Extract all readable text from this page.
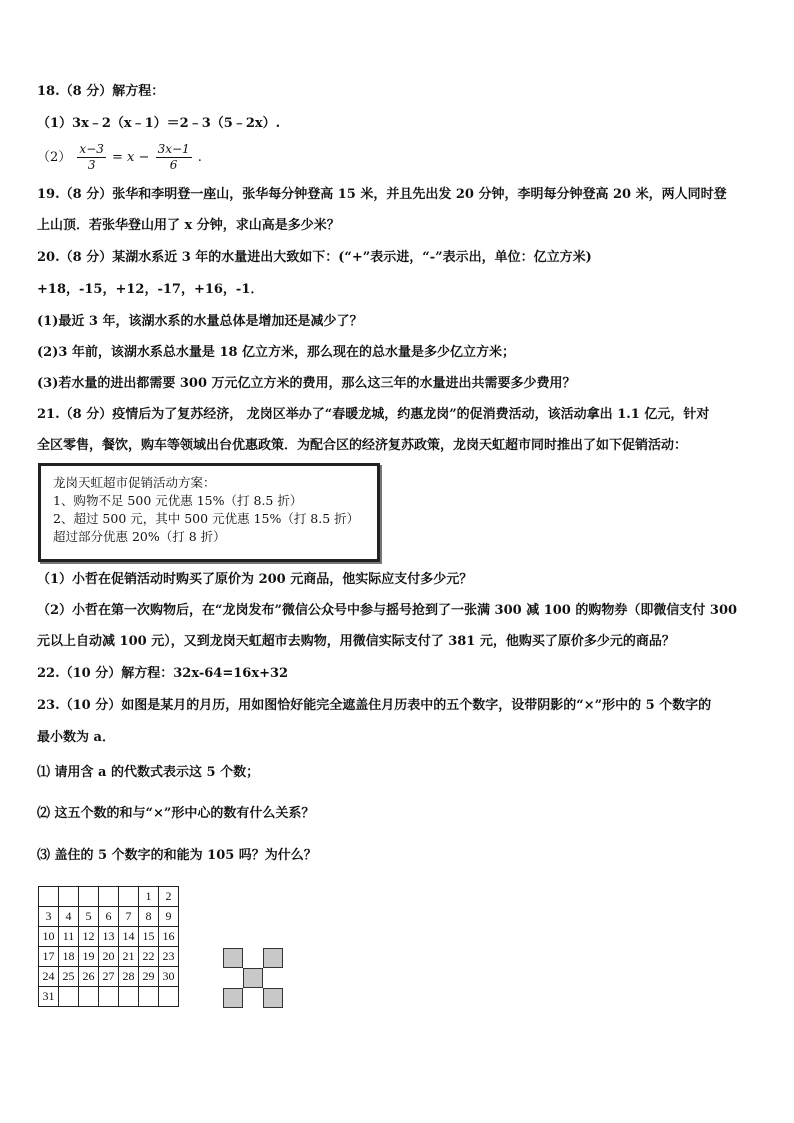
18.（8 分）解方程：
（1）3x﹣2（x﹣1）＝2﹣3（5﹣2x）.
$(2) \frac{x-3}{3} = x - \frac{3x-1}{6}$ .
19.（8 分）张华和李明登一座山，张华每分钟登高 15 米，并且先出发 20 分钟，李明每分钟登高 20 米，两人同时登
上山顶．若张华登山用了 x 分钟，求山高是多少米？
20.（8 分）某湖水系近 3 年的水量进出大致如下：(“+”表示进，“-”表示出，单位：亿立方米)
+18，-15，+12，-17，+16，-1．
(1)最近 3 年，该湖水系的水量总体是增加还是减少了？
(2)3 年前，该湖水系总水量是 18 亿立方米，那么现在的总水量是多少亿立方米；
(3)若水量的进出都需要 300 万元亿立方米的费用，那么这三年的水量进出共需要多少费用？
21.（8 分）疫情后为了复苏经济， 龙岗区举办了“春暖龙城，约惠龙岗”的促消费活动，该活动拿出 1.1 亿元，针对
全区零售，餐饮，购车等领域出台优惠政策．为配合区的经济复苏政策，龙岗天虹超市同时推出了如下促销活动：
龙岗天虹超市促销活动方案：
1、购物不足 500 元优惠 15%（打 8.5 折）
2、超过 500 元，其中 500 元优惠 15%（打 8.5 折）
超过部分优惠 20%（打 8 折）
（1）小哲在促销活动时购买了原价为 200 元商品，他实际应支付多少元？
（2）小哲在第一次购物后，在“龙岗发布”微信公众号中参与摇号抢到了一张满 300 减 100 的购物券（即微信支付 300
元以上自动减 100 元），又到龙岗天虹超市去购物，用微信实际支付了 381 元，他购买了原价多少元的商品？
22.（10 分）解方程：32x-64=16x+32
23.（10 分）如图是某月的月历，用如图恰好能完全遮盖住月历表中的五个数字，设带阴影的“×”形中的 5 个数字的
最小数为 a．
⑴ 请用含 a 的代数式表示这 5 个数；
⑵ 这五个数的和与“×”形中心的数有什么关系？
⑶ 盖住的 5 个数字的和能为 105 吗？为什么？
					1	2
3	4	5	6	7	8	9
10	11	12	13	14	15	16
17	18	19	20	21	22	23
24	25	26	27	28	29	30
31						
